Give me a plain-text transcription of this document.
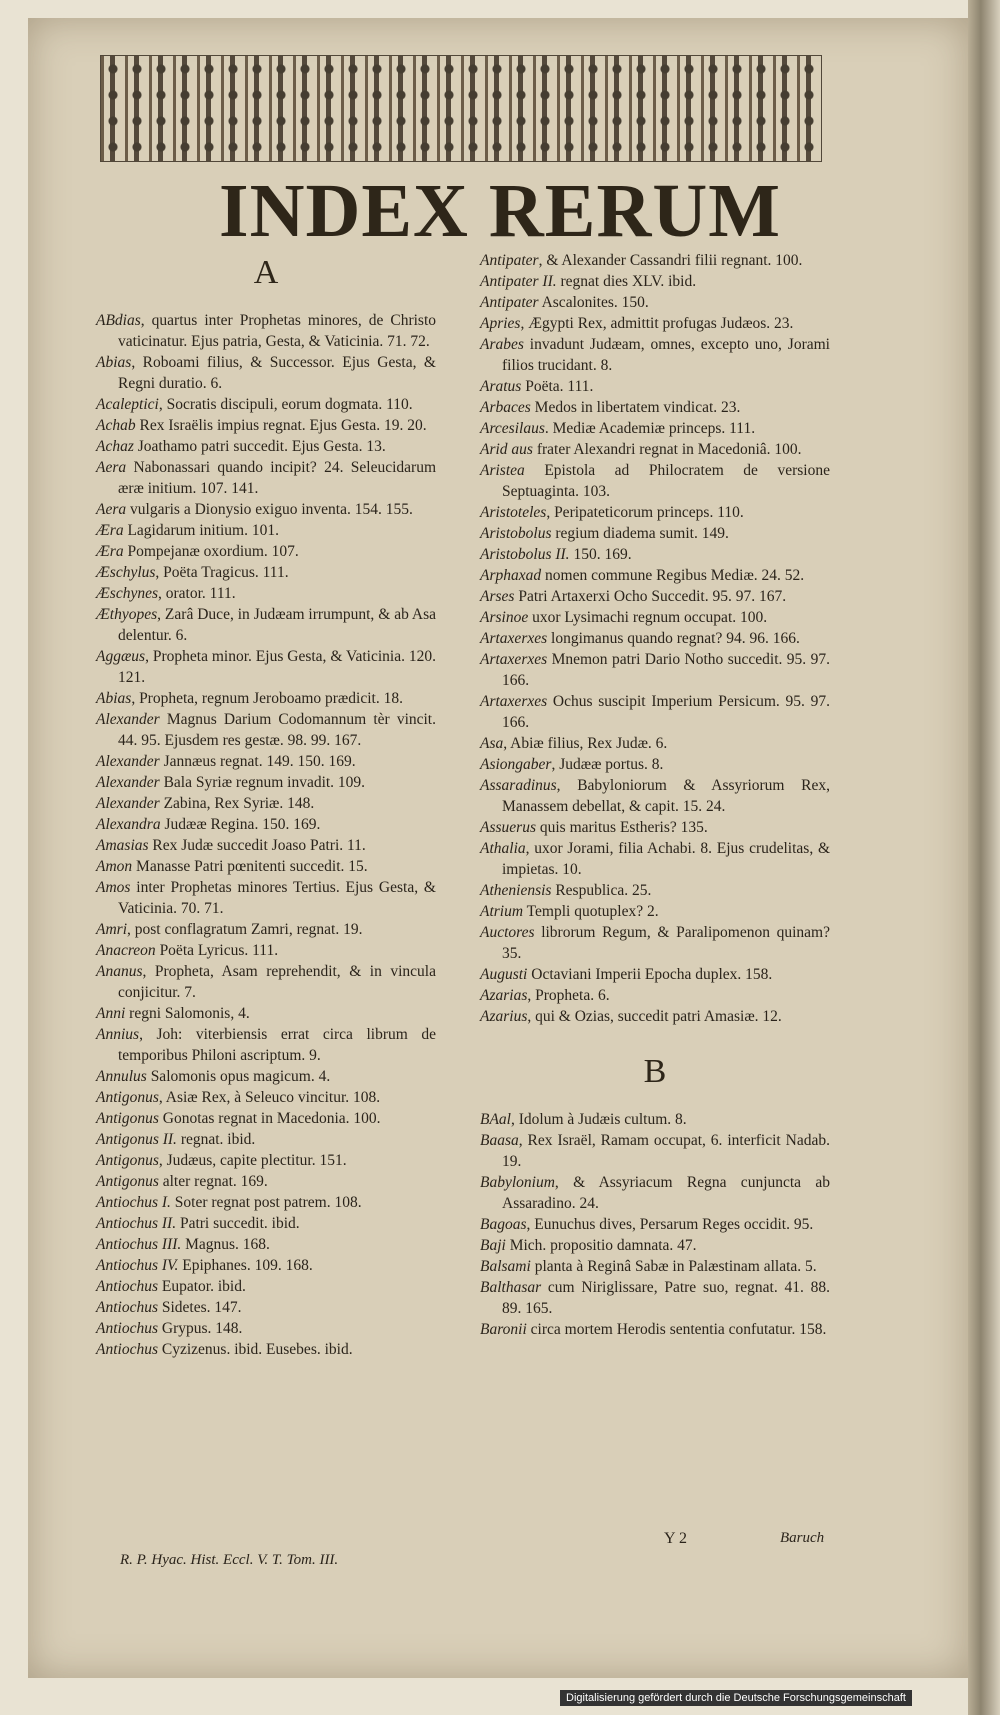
INDEX RERUM
A

ABdias, quartus inter Prophetas minores, de Christo vaticinatur. Ejus patria, Gesta, & Vaticinia. 71. 72.

Abias, Roboami filius, & Successor. Ejus Gesta, & Regni duratio. 6.

Acaleptici, Socratis discipuli, eorum dogmata. 110.

Achab Rex Israëlis impius regnat. Ejus Gesta. 19. 20.

Achaz Joathamo patri succedit. Ejus Gesta. 13.

Aera Nabonassari quando incipit? 24. Seleucidarum æræ initium. 107. 141.

Aera vulgaris a Dionysio exiguo inventa. 154. 155.

Æra Lagidarum initium. 101.

Æra Pompejanæ oxordium. 107.

Æschylus, Poëta Tragicus. 111.

Æschynes, orator. 111.

Æthyopes, Zarâ Duce, in Judæam irrumpunt, & ab Asa delentur. 6.

Aggæus, Propheta minor. Ejus Gesta, & Vaticinia. 120. 121.

Abias, Propheta, regnum Jeroboamo prædicit. 18.

Alexander Magnus Darium Codomannum tèr vincit. 44. 95. Ejusdem res gestæ. 98. 99. 167.

Alexander Jannæus regnat. 149. 150. 169.

Alexander Bala Syriæ regnum invadit. 109.

Alexander Zabina, Rex Syriæ. 148.

Alexandra Judææ Regina. 150. 169.

Amasias Rex Judæ succedit Joaso Patri. 11.

Amon Manasse Patri pœnitenti succedit. 15.

Amos inter Prophetas minores Tertius. Ejus Gesta, & Vaticinia. 70. 71.

Amri, post conflagratum Zamri, regnat. 19.

Anacreon Poëta Lyricus. 111.

Ananus, Propheta, Asam reprehendit, & in vincula conjicitur. 7.

Anni regni Salomonis, 4.

Annius, Joh: viterbiensis errat circa librum de temporibus Philoni ascriptum. 9.

Annulus Salomonis opus magicum. 4.

Antigonus, Asiæ Rex, à Seleuco vincitur. 108.

Antigonus Gonotas regnat in Macedonia. 100.

Antigonus II. regnat. ibid.

Antigonus, Judæus, capite plectitur. 151.

Antigonus alter regnat. 169.

Antiochus I. Soter regnat post patrem. 108.

Antiochus II. Patri succedit. ibid.

Antiochus III. Magnus. 168.

Antiochus IV. Epiphanes. 109. 168.

Antiochus Eupator. ibid.

Antiochus Sidetes. 147.

Antiochus Grypus. 148.

Antiochus Cyzizenus. ibid. Eusebes. ibid.

Antipater, & Alexander Cassandri filii regnant. 100.

Antipater II. regnat dies XLV. ibid.

Antipater Ascalonites. 150.

Apries, Ægypti Rex, admittit profugas Judæos. 23.

Arabes invadunt Judæam, omnes, excepto uno, Jorami filios trucidant. 8.

Aratus Poëta. 111.

Arbaces Medos in libertatem vindicat. 23.

Arcesilaus. Mediæ Academiæ princeps. 111.

Arid aus frater Alexandri regnat in Macedoniâ. 100.

Aristea Epistola ad Philocratem de versione Septuaginta. 103.

Aristoteles, Peripateticorum princeps. 110.

Aristobolus regium diadema sumit. 149.

Aristobolus II. 150. 169.

Arphaxad nomen commune Regibus Mediæ. 24. 52.

Arses Patri Artaxerxi Ocho Succedit. 95. 97. 167.

Arsinoe uxor Lysimachi regnum occupat. 100.

Artaxerxes longimanus quando regnat? 94. 96. 166.

Artaxerxes Mnemon patri Dario Notho succedit. 95. 97. 166.

Artaxerxes Ochus suscipit Imperium Persicum. 95. 97. 166.

Asa, Abiæ filius, Rex Judæ. 6.

Asiongaber, Judææ portus. 8.

Assaradinus, Babyloniorum & Assyriorum Rex, Manassem debellat, & capit. 15. 24.

Assuerus quis maritus Estheris? 135.

Athalia, uxor Jorami, filia Achabi. 8. Ejus crudelitas, & impietas. 10.

Atheniensis Respublica. 25.

Atrium Templi quotuplex? 2.

Auctores librorum Regum, & Paralipomenon quinam? 35.

Augusti Octaviani Imperii Epocha duplex. 158.

Azarias, Propheta. 6.

Azarius, qui & Ozias, succedit patri Amasiæ. 12.

B

BAal, Idolum à Judæis cultum. 8.

Baasa, Rex Israël, Ramam occupat, 6. interficit Nadab. 19.

Babylonium, & Assyriacum Regna cunjuncta ab Assaradino. 24.

Bagoas, Eunuchus dives, Persarum Reges occidit. 95.

Baji Mich. propositio damnata. 47.

Balsami planta à Reginâ Sabæ in Palæstinam allata. 5.

Balthasar cum Niriglissare, Patre suo, regnat. 41. 88. 89. 165.

Baronii circa mortem Herodis sententia confutatur. 158.

R. P. Hyac. Hist. Eccl. V. T. Tom. III.
Y 2	Baruch
Digitalisierung gefördert durch die Deutsche Forschungsgemeinschaft
